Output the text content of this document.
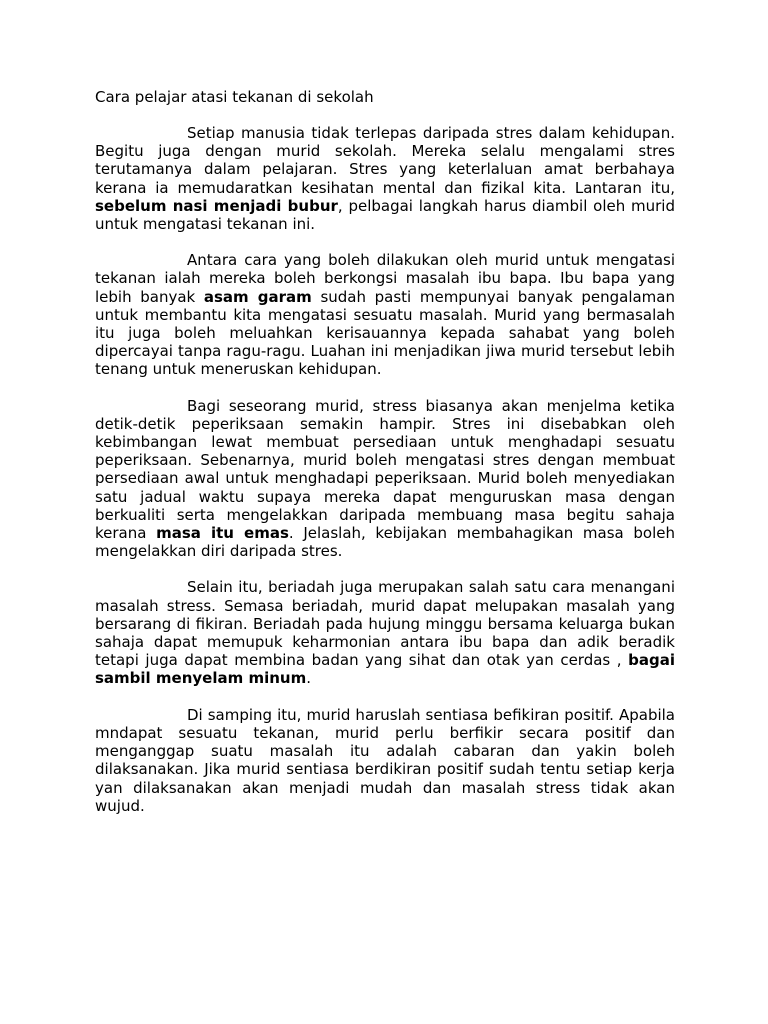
Cara pelajar atasi tekanan di sekolah

Setiap manusia tidak terlepas daripada stres dalam kehidupan. Begitu juga dengan murid sekolah. Mereka selalu mengalami stres terutamanya dalam pelajaran. Stres yang keterlaluan amat berbahaya kerana ia memudaratkan kesihatan mental dan fizikal kita. Lantaran itu, sebelum nasi menjadi bubur, pelbagai langkah harus diambil oleh murid untuk mengatasi tekanan ini.

Antara cara yang boleh dilakukan oleh murid untuk mengatasi tekanan ialah mereka boleh berkongsi masalah ibu bapa. Ibu bapa yang lebih banyak asam garam sudah pasti mempunyai banyak pengalaman untuk membantu kita mengatasi sesuatu masalah. Murid yang bermasalah itu juga boleh meluahkan kerisauannya kepada sahabat yang boleh dipercayai tanpa ragu-ragu. Luahan ini menjadikan jiwa murid tersebut lebih tenang untuk meneruskan kehidupan.

Bagi seseorang murid, stress biasanya akan menjelma ketika detik-detik peperiksaan semakin hampir. Stres ini disebabkan oleh kebimbangan lewat membuat persediaan untuk menghadapi sesuatu peperiksaan. Sebenarnya, murid boleh mengatasi stres dengan membuat persediaan awal untuk menghadapi peperiksaan. Murid boleh menyediakan satu jadual waktu supaya mereka dapat menguruskan masa dengan berkualiti serta mengelakkan daripada membuang masa begitu sahaja kerana masa itu emas. Jelaslah, kebijakan membahagikan masa boleh mengelakkan diri daripada stres.

Selain itu, beriadah juga merupakan salah satu cara menangani masalah stress. Semasa beriadah, murid dapat melupakan masalah yang bersarang di fikiran. Beriadah pada hujung minggu bersama keluarga bukan sahaja dapat memupuk keharmonian antara ibu bapa dan adik beradik tetapi juga dapat membina badan yang sihat dan otak yan cerdas , bagai sambil menyelam minum.

Di samping itu, murid haruslah sentiasa befikiran positif. Apabila mndapat sesuatu tekanan, murid perlu berfikir secara positif dan menganggap suatu masalah itu adalah cabaran dan yakin boleh dilaksanakan. Jika murid sentiasa berdikiran positif sudah tentu setiap kerja yan dilaksanakan akan menjadi mudah dan masalah stress tidak akan wujud.
